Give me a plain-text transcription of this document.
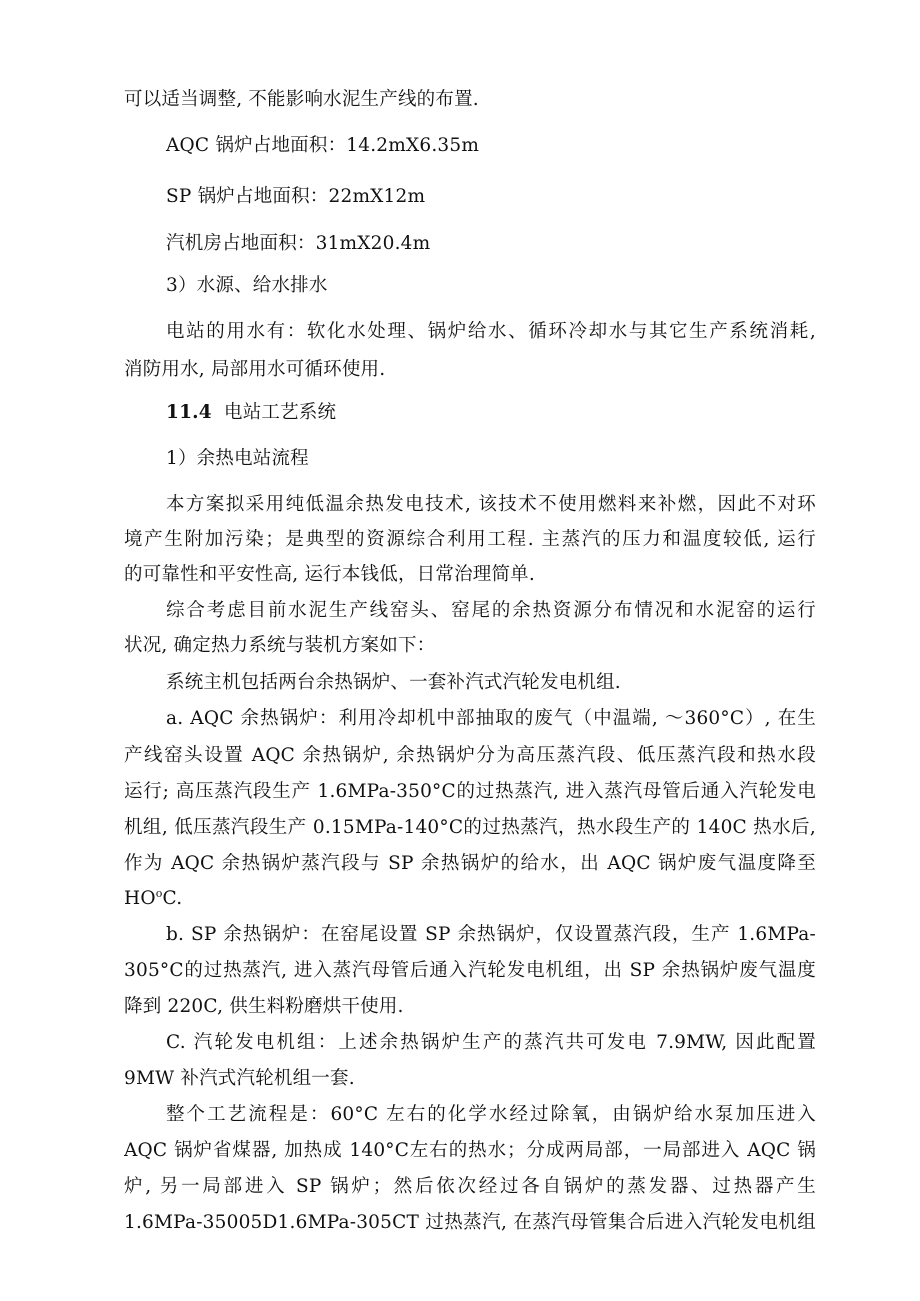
可以适当调整, 不能影响水泥生产线的布置.
AQC 锅炉占地面积：14.2mX6.35m
SP 锅炉占地面积：22mX12m
汽机房占地面积：31mX20.4m
3）水源、给水排水
电站的用水有：软化水处理、锅炉给水、循环冷却水与其它生产系统消耗,
消防用水, 局部用水可循环使用.
11.4 电站工艺系统
1）余热电站流程
本方案拟采用纯低温余热发电技术, 该技术不使用燃料来补燃，因此不对环
境产生附加污染；是典型的资源综合利用工程. 主蒸汽的压力和温度较低, 运行
的可靠性和平安性高, 运行本钱低，日常治理简单.
综合考虑目前水泥生产线窑头、窑尾的余热资源分布情况和水泥窑的运行
状况, 确定热力系统与装机方案如下：
系统主机包括两台余热锅炉、一套补汽式汽轮发电机组.
a. AQC 余热锅炉：利用冷却机中部抽取的废气（中温端, ～360°C）, 在生
产线窑头设置 AQC 余热锅炉, 余热锅炉分为高压蒸汽段、低压蒸汽段和热水段
运行; 高压蒸汽段生产 1.6MPa-350°C的过热蒸汽, 进入蒸汽母管后通入汽轮发电
机组, 低压蒸汽段生产 0.15MPa-140°C的过热蒸汽，热水段生产的 140C 热水后,
作为 AQC 余热锅炉蒸汽段与 SP 余热锅炉的给水，出 AQC 锅炉废气温度降至
$HO^oC$.
b. SP 余热锅炉：在窑尾设置 SP 余热锅炉，仅设置蒸汽段，生产 1.6MPa-
305°C的过热蒸汽, 进入蒸汽母管后通入汽轮发电机组，出 SP 余热锅炉废气温度
降到 220C, 供生料粉磨烘干使用.
C. 汽轮发电机组：上述余热锅炉生产的蒸汽共可发电 7.9MW, 因此配置
9MW 补汽式汽轮机组一套.
整个工艺流程是：60°C 左右的化学水经过除氧，由锅炉给水泵加压进入
AQC 锅炉省煤器, 加热成 140°C左右的热水；分成两局部，一局部进入 AQC 锅
炉, 另一局部进入 SP 锅炉；然后依次经过各自锅炉的蒸发器、过热器产生
1.6MPa-35005D1.6MPa-305CT 过热蒸汽, 在蒸汽母管集合后进入汽轮发电机组
